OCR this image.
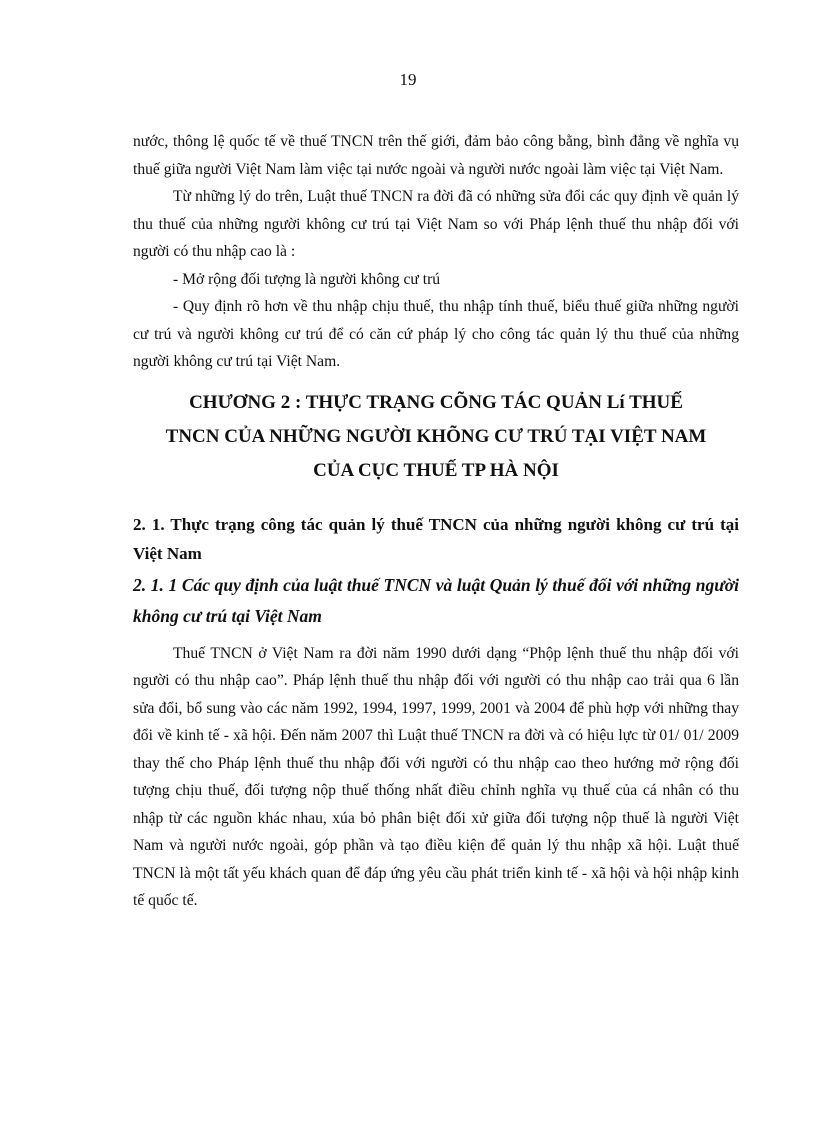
19

nước, thông lệ quốc tế về thuế TNCN trên thế giới, đảm bảo công bằng, bình đẳng về nghĩa vụ thuế giữa người Việt Nam làm việc tại nước ngoài và người nước ngoài làm việc tại Việt Nam.

Từ những lý do trên, Luật thuế TNCN ra đời đã có những sửa đổi các quy định về quản lý thu thuế của những người không cư trú tại Việt Nam so với Pháp lệnh thuế thu nhập đối với người có thu nhập cao là :

- Mở rộng đối tượng là người không cư trú

- Quy định rõ hơn về thu nhập chịu thuế, thu nhập tính thuế, biểu thuế giữa những người cư trú và người không cư trú để có căn cứ pháp lý cho công tác quản lý thu thuế của những người không cư trú tại Việt Nam.

CHƯƠNG 2 : THỰC TRẠNG CÕNG TÁC QUẢN Lí THUẾ
TNCN CỦA NHỮNG NGƯỜI KHÕNG CƯ TRÚ TẠI VIỆT NAM
CỦA CỤC THUẾ TP HÀ NỘI
2. 1. Thực trạng công tác quản lý thuế TNCN của những người không cư trú tại Việt Nam
2. 1. 1 Các quy định của luật thuế TNCN và luật Quản lý thuế đối với những người không cư trú tại Việt Nam

Thuế TNCN ở Việt Nam ra đời năm 1990 dưới dạng “Phộp lệnh thuế thu nhập đối với người có thu nhập cao”. Pháp lệnh thuế thu nhập đối với người có thu nhập cao trải qua 6 lần sửa đổi, bổ sung vào các năm 1992, 1994, 1997, 1999, 2001 và 2004 để phù hợp với những thay đổi về kinh tế - xã hội. Đến năm 2007 thì Luật thuế TNCN ra đời và có hiệu lực từ 01/ 01/ 2009 thay thế cho Pháp lệnh thuế thu nhập đối với người có thu nhập cao theo hướng mở rộng đối tượng chịu thuế, đối tượng nộp thuế thống nhất điều chỉnh nghĩa vụ thuế của cá nhân có thu nhập từ các nguồn khác nhau, xúa bỏ phân biệt đối xử giữa đối tượng nộp thuế là người Việt Nam và người nước ngoài, góp phần và tạo điều kiện để quản lý thu nhập xã hội. Luật thuế TNCN là một tất yếu khách quan để đáp ứng yêu cầu phát triển kinh tế - xã hội và hội nhập kinh tế quốc tế.
